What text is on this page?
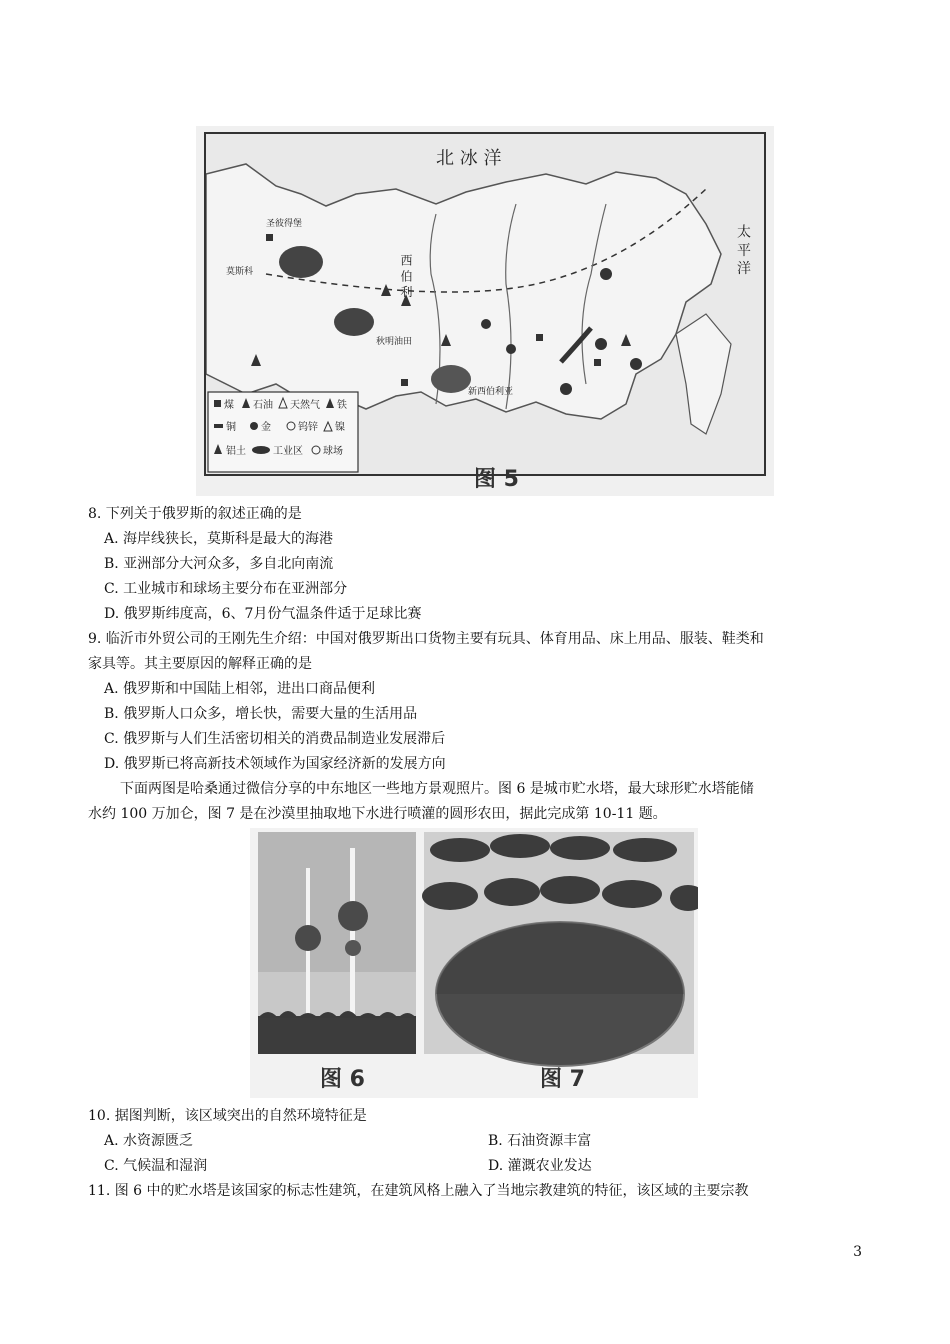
北 冰 洋
太 平 洋
西 伯 利
圣彼得堡
莫斯科
秋明油田
新西伯利亚
煤 石油 天然气 铁
铜	金	钨锌 镍
铝土	工业区 球场
图 5
8. 下列关于俄罗斯的叙述正确的是
A. 海岸线狭长，莫斯科是最大的海港
B. 亚洲部分大河众多，多自北向南流
C. 工业城市和球场主要分布在亚洲部分
D. 俄罗斯纬度高，6、7月份气温条件适于足球比赛
9. 临沂市外贸公司的王刚先生介绍：中国对俄罗斯出口货物主要有玩具、体育用品、床上用品、服装、鞋类和
家具等。其主要原因的解释正确的是
A. 俄罗斯和中国陆上相邻，进出口商品便利
B. 俄罗斯人口众多，增长快，需要大量的生活用品
C. 俄罗斯与人们生活密切相关的消费品制造业发展滞后
D. 俄罗斯已将高新技术领域作为国家经济新的发展方向
下面两图是哈桑通过微信分享的中东地区一些地方景观照片。图 6 是城市贮水塔，最大球形贮水塔能储
水约 100 万加仑，图 7 是在沙漠里抽取地下水进行喷灌的圆形农田，据此完成第 10-11 题。
图 6	图 7
10. 据图判断，该区域突出的自然环境特征是
A. 水资源匮乏	B. 石油资源丰富
C. 气候温和湿润	D. 灌溉农业发达
11. 图 6 中的贮水塔是该国家的标志性建筑，在建筑风格上融入了当地宗教建筑的特征，该区域的主要宗教
3
